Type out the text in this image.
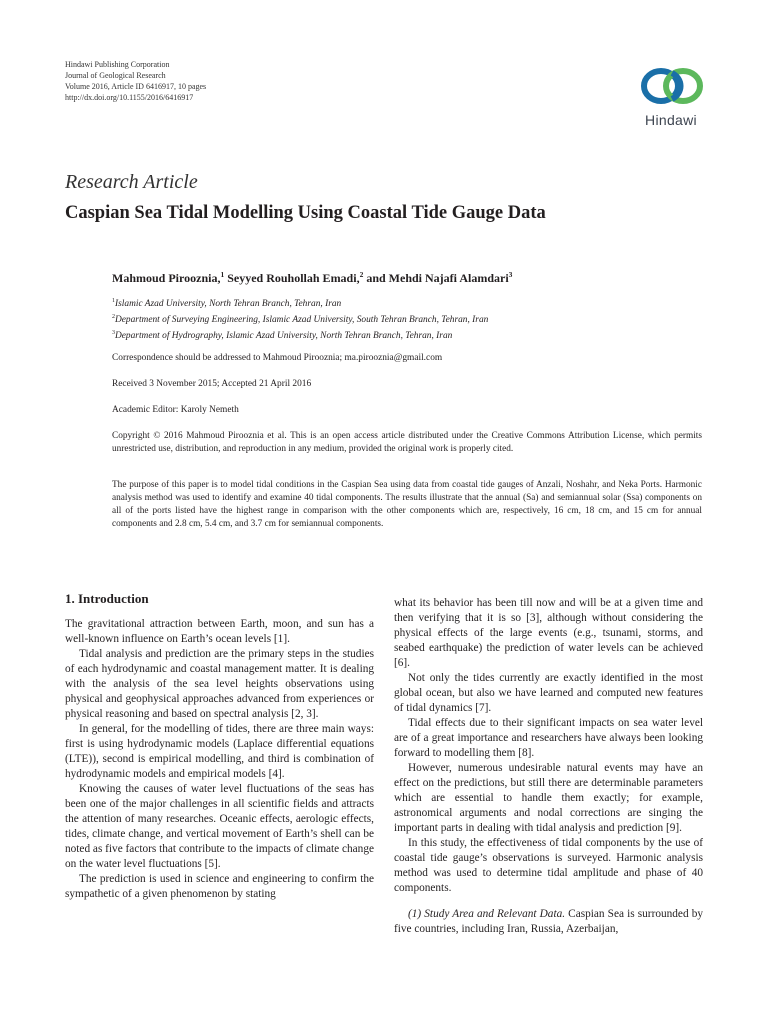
Hindawi Publishing Corporation
Journal of Geological Research
Volume 2016, Article ID 6416917, 10 pages
http://dx.doi.org/10.1155/2016/6416917
Hindawi
Research Article
Caspian Sea Tidal Modelling Using Coastal Tide Gauge Data
Mahmoud Pirooznia,$^1$ Seyyed Rouhollah Emadi,$^2$ and Mehdi Najafi Alamdari$^3$
$^1$Islamic Azad University, North Tehran Branch, Tehran, Iran
$^2$Department of Surveying Engineering, Islamic Azad University, South Tehran Branch, Tehran, Iran
$^3$Department of Hydrography, Islamic Azad University, North Tehran Branch, Tehran, Iran
Correspondence should be addressed to Mahmoud Pirooznia; ma.pirooznia@gmail.com
Received 3 November 2015; Accepted 21 April 2016
Academic Editor: Karoly Nemeth
Copyright © 2016 Mahmoud Pirooznia et al. This is an open access article distributed under the Creative Commons Attribution License, which permits unrestricted use, distribution, and reproduction in any medium, provided the original work is properly cited.
The purpose of this paper is to model tidal conditions in the Caspian Sea using data from coastal tide gauges of Anzali, Noshahr, and Neka Ports. Harmonic analysis method was used to identify and examine 40 tidal components. The results illustrate that the annual (Sa) and semiannual solar (Ssa) components on all of the ports listed have the highest range in comparison with the other components which are, respectively, 16 cm, 18 cm, and 15 cm for annual components and 2.8 cm, 5.4 cm, and 3.7 cm for semiannual components.
1. Introduction

The gravitational attraction between Earth, moon, and sun has a well-known influence on Earth’s ocean levels [1].

Tidal analysis and prediction are the primary steps in the studies of each hydrodynamic and coastal management matter. It is dealing with the analysis of the sea level heights observations using physical and geophysical approaches advanced from experiences or physical reasoning and based on spectral analysis [2, 3].

In general, for the modelling of tides, there are three main ways: first is using hydrodynamic models (Laplace differential equations (LTE)), second is empirical modelling, and third is combination of hydrodynamic models and empirical models [4].

Knowing the causes of water level fluctuations of the seas has been one of the major challenges in all scientific fields and attracts the attention of many researches. Oceanic effects, aerologic effects, tides, climate change, and vertical movement of Earth’s shell can be noted as five factors that contribute to the impacts of climate change on the water level fluctuations [5].

The prediction is used in science and engineering to confirm the sympathetic of a given phenomenon by stating

what its behavior has been till now and will be at a given time and then verifying that it is so [3], although without considering the physical effects of the large events (e.g., tsunami, storms, and seabed earthquake) the prediction of water levels can be achieved [6].

Not only the tides currently are exactly identified in the most global ocean, but also we have learned and computed new features of tidal dynamics [7].

Tidal effects due to their significant impacts on sea water level are of a great importance and researchers have always been looking forward to modelling them [8].

However, numerous undesirable natural events may have an effect on the predictions, but still there are determinable parameters which are essential to handle them exactly; for example, astronomical arguments and nodal corrections are singing the important parts in dealing with tidal analysis and prediction [9].

In this study, the effectiveness of tidal components by the use of coastal tide gauge’s observations is surveyed. Harmonic analysis method was used to determine tidal amplitude and phase of 40 components.

(1) Study Area and Relevant Data. Caspian Sea is surrounded by five countries, including Iran, Russia, Azerbaijan,
